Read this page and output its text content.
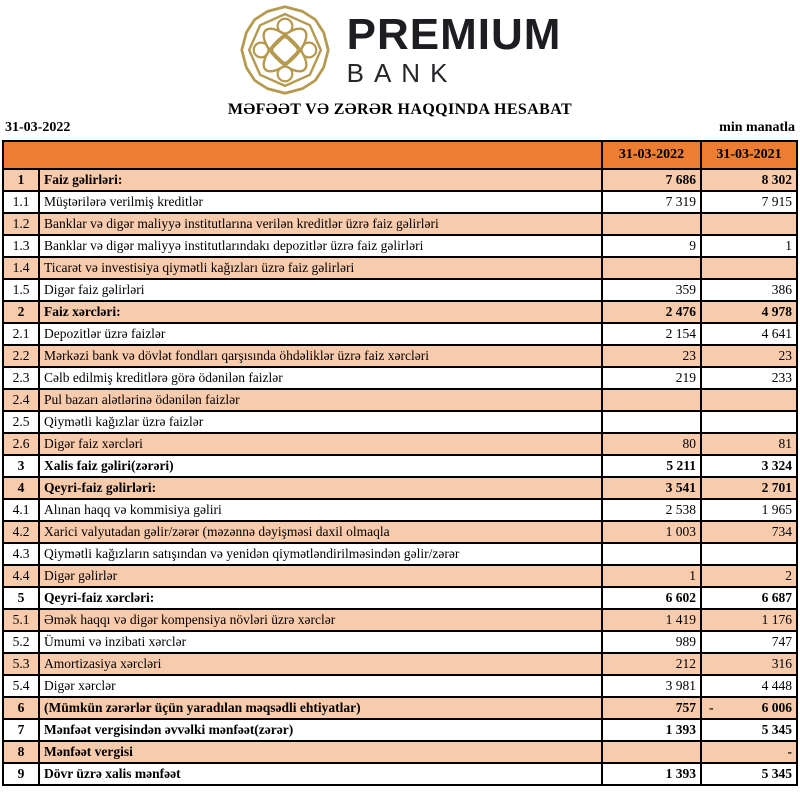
PREMIUM
BANK
MƏFƏƏT VƏ ZƏRƏR HAQQINDA HESABAT
31-03-2022	min manatla
		31-03-2022	31-03-2021
1	Faiz gəlirləri:	7 686	8 302
1.1	Müştərilərə verilmiş kreditlər	7 319	7 915
1.2	Banklar və digər maliyyə institutlarına verilən kreditlər üzrə faiz gəlirləri		
1.3	Banklar və digər maliyyə institutlarındakı depozitlər üzrə faiz gəlirləri	9	1
1.4	Ticarət və investisiya qiymətli kağızları üzrə faiz gəlirləri		
1.5	Digər faiz gəlirləri	359	386
2	Faiz xərcləri:	2 476	4 978
2.1	Depozitlər üzrə faizlər	2 154	4 641
2.2	Mərkəzi bank və dövlət fondları qarşısında öhdəliklər üzrə faiz xərcləri	23	23
2.3	Cəlb edilmiş kreditlərə görə ödənilən faizlər	219	233
2.4	Pul bazarı alətlərinə ödənilən faizlər		
2.5	Qiymətli kağızlar üzrə faizlər		
2.6	Digər faiz xərcləri	80	81
3	Xalis faiz gəliri(zərəri)	5 211	3 324
4	Qeyri-faiz gəlirləri:	3 541	2 701
4.1	Alınan haqq və kommisiya gəliri	2 538	1 965
4.2	Xarici valyutadan gəlir/zərər (məzənnə dəyişməsi daxil olmaqla	1 003	734
4.3	Qiymətli kağızların satışından və yenidən qiymətləndirilməsindən gəlir/zərər		
4.4	Digər gəlirlər	1	2
5	Qeyri-faiz xərcləri:	6 602	6 687
5.1	Əmək haqqı və digər kompensiya növləri üzrə xərclər	1 419	1 176
5.2	Ümumi və inzibati xərclər	989	747
5.3	Amortizasiya xərcləri	212	316
5.4	Digər xərclər	3 981	4 448
6	(Mümkün zərərlər üçün yaradılan məqsədli ehtiyatlar)	757	- 6 006

7	Mənfəət vergisindən əvvəlki mənfəət(zərər)	1 393	5 345
8	Mənfəət vergisi		-
9	Dövr üzrə xalis mənfəət	1 393	5 345
